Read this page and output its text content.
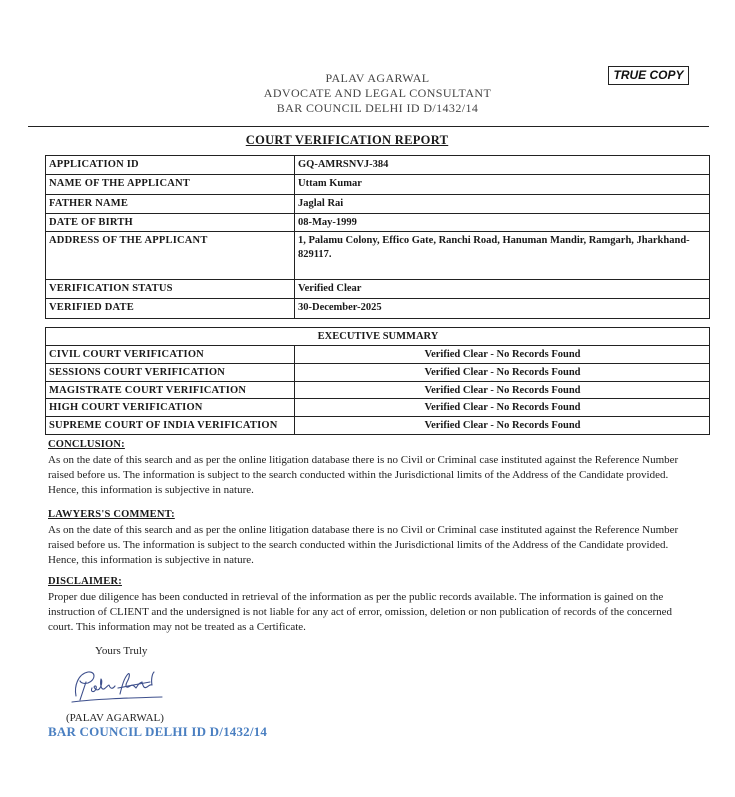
TRUE COPY
PALAV AGARWAL
ADVOCATE AND LEGAL CONSULTANT
BAR COUNCIL DELHI ID D/1432/14
COURT VERIFICATION REPORT
APPLICATION ID	GQ-AMRSNVJ-384
NAME OF THE APPLICANT	Uttam Kumar
FATHER NAME	Jaglal Rai
DATE OF BIRTH	08-May-1999
ADDRESS OF THE APPLICANT	1, Palamu Colony, Effico Gate, Ranchi Road, Hanuman Mandir, Ramgarh, Jharkhand-829117.
VERIFICATION STATUS	Verified Clear
VERIFIED DATE	30-December-2025
EXECUTIVE SUMMARY	
CIVIL COURT VERIFICATION	Verified Clear - No Records Found
SESSIONS COURT VERIFICATION	Verified Clear - No Records Found
MAGISTRATE COURT VERIFICATION	Verified Clear - No Records Found
HIGH COURT VERIFICATION	Verified Clear - No Records Found
SUPREME COURT OF INDIA VERIFICATION	Verified Clear - No Records Found
CONCLUSION:
As on the date of this search and as per the online litigation database there is no Civil or Criminal case instituted against the Reference Number raised before us. The information is subject to the search conducted within the Jurisdictional limits of the Address of the Candidate provided. Hence, this information is subjective in nature.
LAWYERS'S COMMENT:
As on the date of this search and as per the online litigation database there is no Civil or Criminal case instituted against the Reference Number raised before us. The information is subject to the search conducted within the Jurisdictional limits of the Address of the Candidate provided. Hence, this information is subjective in nature.
DISCLAIMER:
Proper due diligence has been conducted in retrieval of the information as per the public records available. The information is gained on the instruction of CLIENT and the undersigned is not liable for any act of error, omission, deletion or non publication of records of the concerned court. This information may not be treated as a Certificate.
Yours Truly
(PALAV AGARWAL)
BAR COUNCIL DELHI ID D/1432/14
